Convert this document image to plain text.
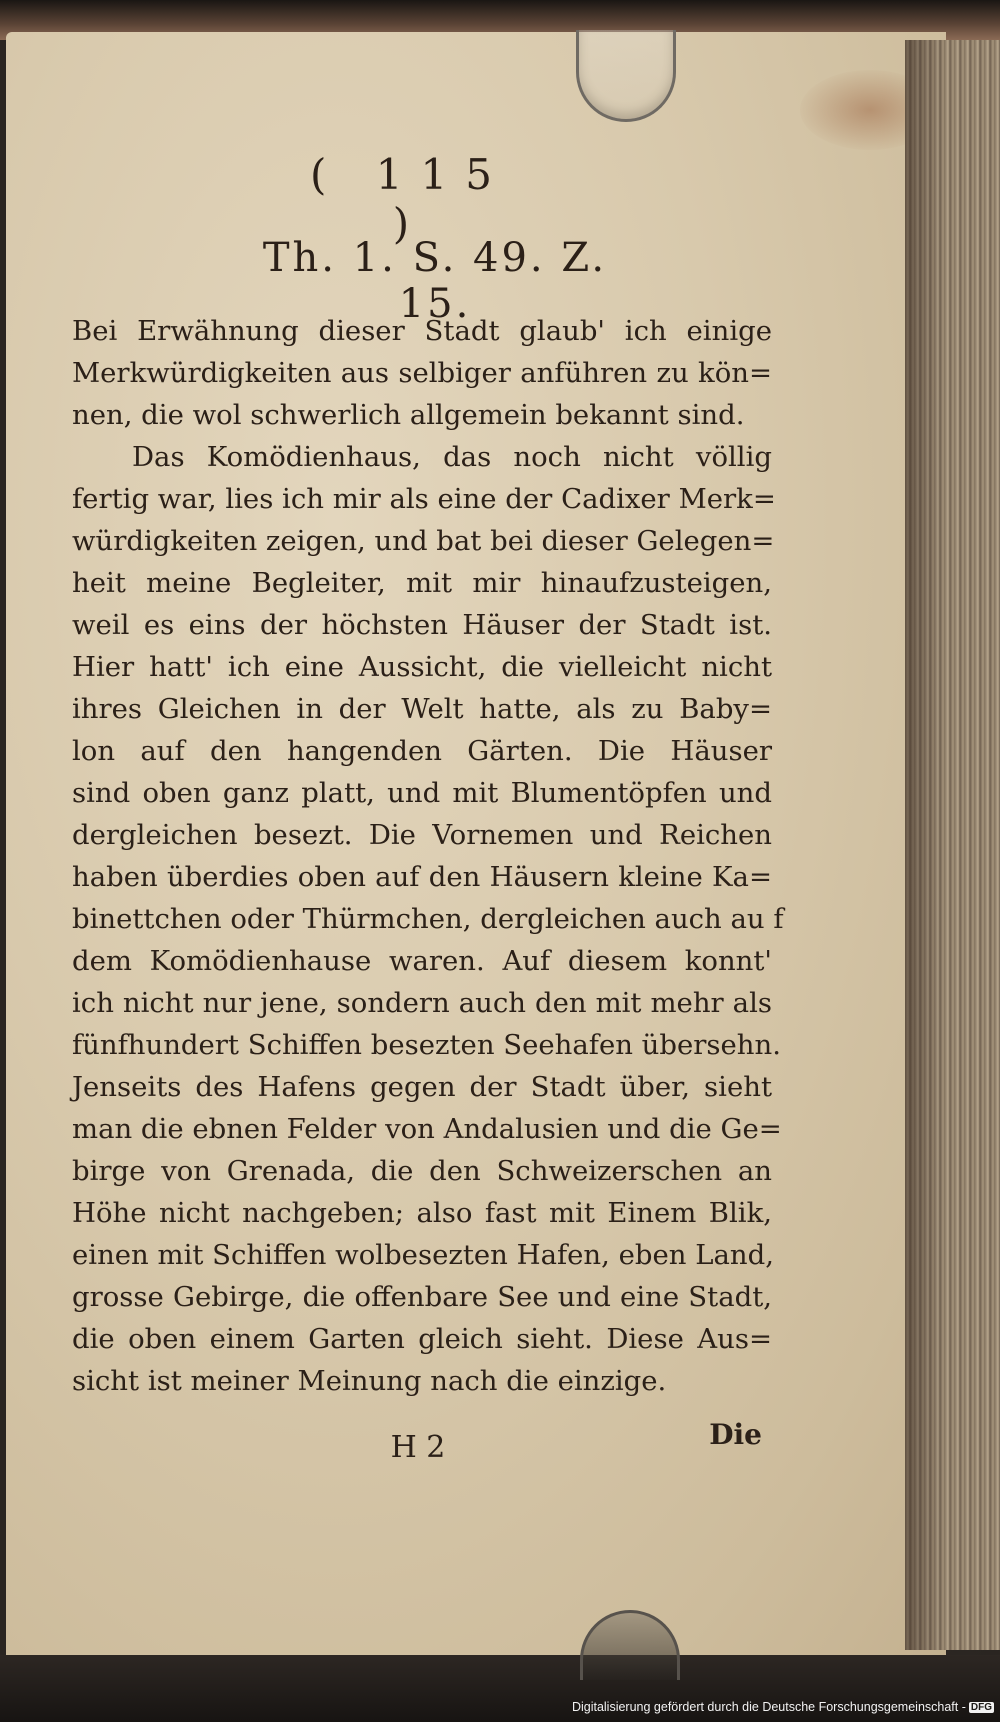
( 115 )
Th. 1. S. 49. Z. 15.
Bei Erwähnung dieser Stadt glaub' ich einige
Merkwürdigkeiten aus selbiger anführen zu kön=
nen, die wol schwerlich allgemein bekannt sind.
Das Komödienhaus, das noch nicht völlig
fertig war, lies ich mir als eine der Cadixer Merk=
würdigkeiten zeigen, und bat bei dieser Gelegen=
heit meine Begleiter, mit mir hinaufzusteigen,
weil es eins der höchsten Häuser der Stadt ist.
Hier hatt' ich eine Aussicht, die vielleicht nicht
ihres Gleichen in der Welt hatte, als zu Baby=
lon auf den hangenden Gärten. Die Häuser
sind oben ganz platt, und mit Blumentöpfen und
dergleichen besezt. Die Vornemen und Reichen
haben überdies oben auf den Häusern kleine Ka=
binettchen oder Thürmchen, dergleichen auch au f
dem Komödienhause waren. Auf diesem konnt'
ich nicht nur jene, sondern auch den mit mehr als
fünfhundert Schiffen besezten Seehafen übersehn.
Jenseits des Hafens gegen der Stadt über, sieht
man die ebnen Felder von Andalusien und die Ge=
birge von Grenada, die den Schweizerschen an
Höhe nicht nachgeben; also fast mit Einem Blik,
einen mit Schiffen wolbesezten Hafen, eben Land,
grosse Gebirge, die offenbare See und eine Stadt,
die oben einem Garten gleich sieht. Diese Aus=
sicht ist meiner Meinung nach die einzige.
H 2	Die
Digitalisierung gefördert durch die Deutsche Forschungsgemeinschaft - DFG
